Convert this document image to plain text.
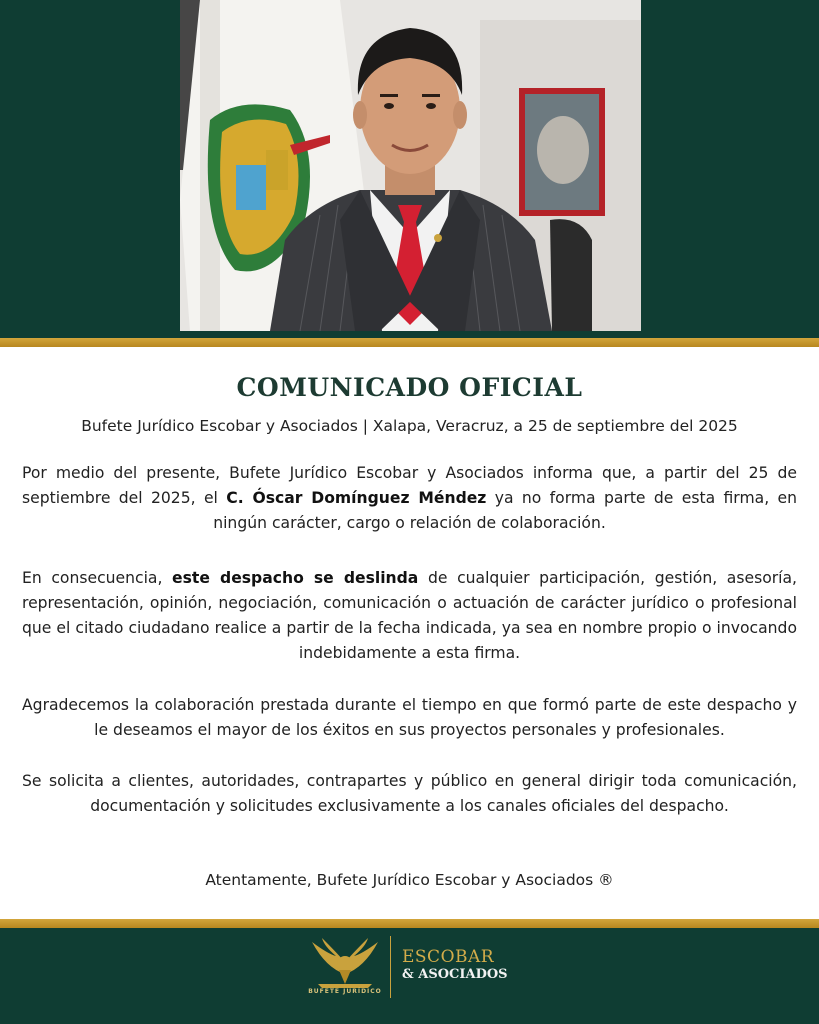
COMUNICADO OFICIAL
Bufete Jurídico Escobar y Asociados | Xalapa, Veracruz, a 25 de septiembre del 2025
Por medio del presente, Bufete Jurídico Escobar y Asociados informa que, a partir del 25 de septiembre del 2025, el C. Óscar Domínguez Méndez ya no forma parte de esta firma, en ningún carácter, cargo o relación de colaboración.
En consecuencia, este despacho se deslinda de cualquier participación, gestión, asesoría, representación, opinión, negociación, comunicación o actuación de carácter jurídico o profesional que el citado ciudadano realice a partir de la fecha indicada, ya sea en nombre propio o invocando indebidamente a esta firma.
Agradecemos la colaboración prestada durante el tiempo en que formó parte de este despacho y le deseamos el mayor de los éxitos en sus proyectos personales y profesionales.
Se solicita a clientes, autoridades, contrapartes y público en general dirigir toda comunicación, documentación y solicitudes exclusivamente a los canales oficiales del despacho.
Atentamente, Bufete Jurídico Escobar y Asociados ®
BUFETE JURÍDICO
ESCOBAR
& ASOCIADOS
